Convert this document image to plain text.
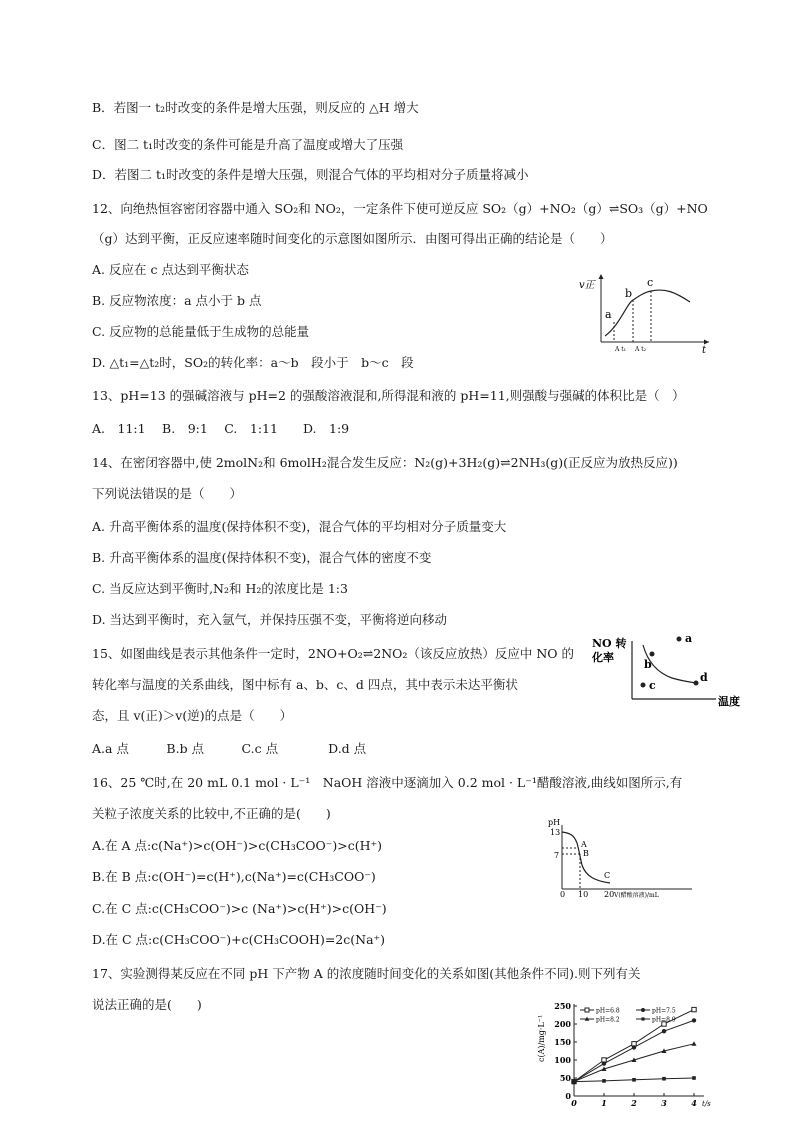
B．若图一 t₂时改变的条件是增大压强，则反应的 △H 增大
C．图二 t₁时改变的条件可能是升高了温度或增大了压强
D．若图二 t₁时改变的条件是增大压强，则混合气体的平均相对分子质量将减小
12、向绝热恒容密闭容器中通入 SO₂和 NO₂，一定条件下使可逆反应 SO₂（g）+NO₂（g）⇌SO₃（g）+NO
（g）达到平衡，正反应速率随时间变化的示意图如图所示．由图可得出正确的结论是（　　）
A. 反应在 c 点达到平衡状态
B. 反应物浓度：a 点小于 b 点
C. 反应物的总能量低于生成物的总能量
D. △t₁=△t₂时，SO₂的转化率：a～b　段小于　b～c　段
13、pH=13 的强碱溶液与 pH=2 的强酸溶液混和,所得混和液的 pH=11,则强酸与强碱的体积比是（　）
A.　11:1　 B.　9:1　 C.　1:11　　D.　1:9
14、在密闭容器中,使 2molN₂和 6molH₂混合发生反应：N₂(g)+3H₂(g)⇌2NH₃(g)(正反应为放热反应))
下列说法错误的是（　　）
A. 升高平衡体系的温度(保持体积不变)，混合气体的平均相对分子质量变大
B. 升高平衡体系的温度(保持体积不变)，混合气体的密度不变
C. 当反应达到平衡时,N₂和 H₂的浓度比是 1:3
D. 当达到平衡时，充入氩气，并保持压强不变，平衡将逆向移动
15、如图曲线是表示其他条件一定时，2NO+O₂⇌2NO₂（该反应放热）反应中 NO 的
转化率与温度的关系曲线，图中标有 a、b、c、d 四点，其中表示未达平衡状
态，且 v(正)＞v(逆)的点是（　　）
A.a 点　　　B.b 点　　　C.c 点　　　　D.d 点
16、25 ℃时,在 20 mL 0.1 mol · L⁻¹　NaOH 溶液中逐滴加入 0.2 mol · L⁻¹醋酸溶液,曲线如图所示,有
关粒子浓度关系的比较中,不正确的是(　　)
A.在 A 点:c(Na⁺)>c(OH⁻)>c(CH₃COO⁻)>c(H⁺)
B.在 B 点:c(OH⁻)=c(H⁺),c(Na⁺)=c(CH₃COO⁻)
C.在 C 点:c(CH₃COO⁻)>c (Na⁺)>c(H⁺)>c(OH⁻)
D.在 C 点:c(CH₃COO⁻)+c(CH₃COOH)=2c(Na⁺)
17、实验测得某反应在不同 pH 下产物 A 的浓度随时间变化的关系如图(其他条件不同).则下列有关
说法正确的是(　　)
v正
t
a
b
c
A t₁ A t₂
NO 转
化率
温度
a
b
c
d
pH
13
7
0 10 20 V(醋酸溶液)/mL
A
B
C
0
50
100
150
200
250
0	1	2	3	4 t/s
c(A)/mg·L⁻¹
pH=6.8	pH=7.5
pH=8.2	pH=8.9
